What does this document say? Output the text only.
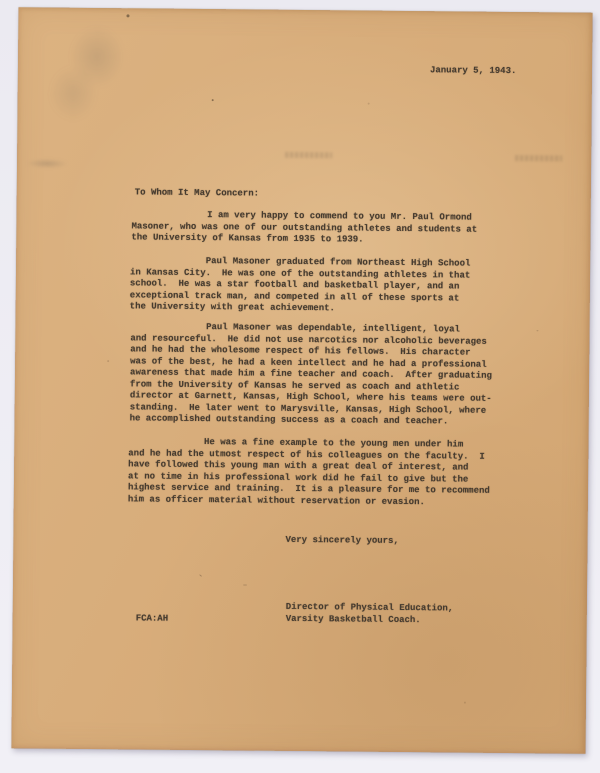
January 5, 1943.
To Whom It May Concern:
I am very happy to commend to you Mr. Paul Ormond
Masoner, who was one of our outstanding athletes and students at
the University of Kansas from 1935 to 1939.
Paul Masoner graduated from Northeast High School
in Kansas City.  He was one of the outstanding athletes in that
school.  He was a star football and basketball player, and an
exceptional track man, and competed in all of these sports at
the University with great achievement.
Paul Masoner was dependable, intelligent, loyal
and resourceful.  He did not use narcotics nor alcoholic beverages
and he had the wholesome respect of his fellows.  His character
was of the best, he had a keen intellect and he had a professional
awareness that made him a fine teacher and coach.  After graduating
from the University of Kansas he served as coach and athletic
director at Garnett, Kansas, High School, where his teams were out-
standing.  He later went to Marysville, Kansas, High School, where
he accomplished outstanding success as a coach and teacher.
He was a fine example to the young men under him
and he had the utmost respect of his colleagues on the faculty.  I
have followed this young man with a great deal of interest, and
at no time in his professional work did he fail to give but the
highest service and training.  It is a pleasure for me to recommend
him as officer material without reservation or evasion.
Very sincerely yours,
Director of Physical Education,
Varsity Basketball Coach.
FCA:AH
